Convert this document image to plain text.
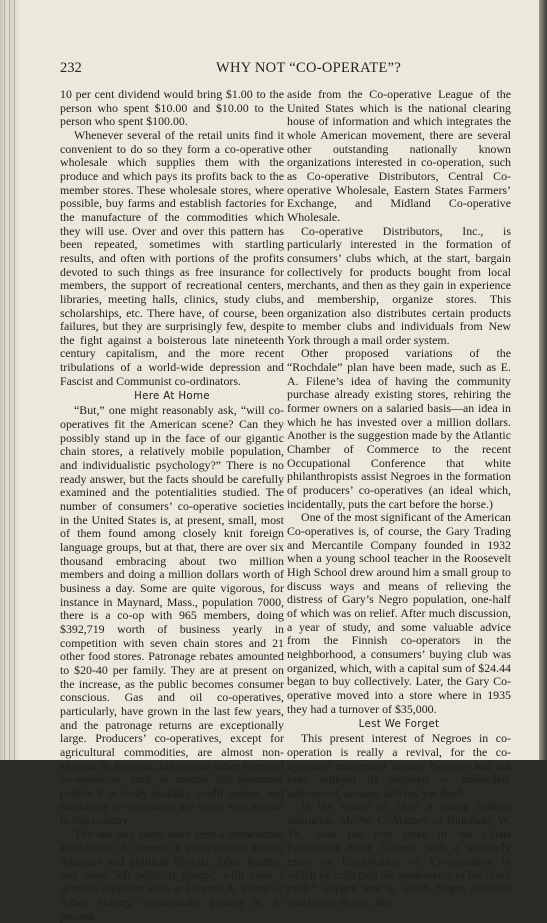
232	WHY NOT “CO-OPERATE”?

10 per cent dividend would bring $1.00 to the person who spent $10.00 and $10.00 to the person who spent $100.00.

Whenever several of the retail units find it convenient to do so they form a co-operative wholesale which supplies them with the produce and which pays its profits back to the member stores. These wholesale stores, where possible, buy farms and establish factories for the manufacture of the commodities which they will use. Over and over this pattern has been repeated, sometimes with startling results, and often with portions of the profits devoted to such things as free insurance for members, the support of recreational centers, libraries, meeting halls, clinics, study clubs, scholarships, etc. There have, of course, been failures, but they are surprisingly few, despite the fight against a boisterous late nineteenth century capitalism, and the more recent tribulations of a world-wide depression and Fascist and Communist co-ordinators.

Here At Home

“But,” one might reasonably ask, “will co-operatives fit the American scene? Can they possibly stand up in the face of our gigantic chain stores, a relatively mobile population, and individualistic psychology?” There is no ready answer, but the facts should be carefully examined and the potentialities studied. The number of consumers’ co-operative societies in the United States is, at present, small, most of them found among closely knit foreign language groups, but at that, there are over six thousand embracing about two million members and doing a million dollars worth of business a day. Some are quite vigorous, for instance in Maynard, Mass., population 7000, there is a co-op with 965 members, doing $392,719 worth of business yearly in competition with seven chain stores and 21 other food stores. Patronage rebates amounted to $20-40 per family. They are at present on the increase, as the public becomes consumer conscious. Gas and oil co-operatives, particularly, have grown in the last few years, and the patronage returns are exceptionally large. Producers’ co-operatives, except for agricultural commodities, are almost non-existent in America, but certain other forms of co-operation, such as mutual life insurance (where it is really mutual), credit unions, and marketing co-operatives are fairly well known in this country.

The last two years have seen a tremendous awakening of interest in co-operation among religious and political liberals, labor leaders, and some left political groups, with even a genuine capitalist such as Edward A. Filene or Albon Holsey, occasionally joining in. At present,

aside from the Co-operative League of the United States which is the national clearing house of information and which integrates the whole American movement, there are several other outstanding nationally known organizations interested in co-operation, such as Co-operative Distributors, Central Co-operative Wholesale, Eastern States Farmers’ Exchange, and Midland Co-operative Wholesale.

Co-operative Distributors, Inc., is particularly interested in the formation of consumers’ clubs which, at the start, bargain collectively for products bought from local merchants, and then as they gain in experience and membership, organize stores. This organization also distributes certain products to member clubs and individuals from New York through a mail order system.

Other proposed variations of the “Rochdale” plan have been made, such as E. A. Filene’s idea of having the community purchase already existing stores, rehiring the former owners on a salaried basis—an idea in which he has invested over a million dollars. Another is the suggestion made by the Atlantic Chamber of Commerce to the recent Occupational Conference that white philanthropists assist Negroes in the formation of producers’ co-operatives (an ideal which, incidentally, puts the cart before the horse.)

One of the most significant of the American Co-operatives is, of course, the Gary Trading and Mercantile Company founded in 1932 when a young school teacher in the Roosevelt High School drew around him a small group to discuss ways and means of relieving the distress of Gary’s Negro population, one-half of which was on relief. After much discussion, a year of study, and some valuable advice from the Finnish co-operators in the neighborhood, a consumers’ buying club was organized, which, with a capital sum of $24.44 began to buy collectively. Later, the Gary Co-operative moved into a store where in 1935 they had a turnover of $35,000.

Lest We Forget

This present interest of Negroes in co-operation is really a revival, for the co-operative movement among Negroes has not been without its prophets — unheeded, unhonored, unsung, and not yet dead.

In the winter of 1930 a young college instructor, Mr. W. C. Matney of Bluefield, W. Va., won the first prize in the Crisis Economics Prize Contest with a scholarly essay on Exploitation vs. Co-operation in which he criticized the inadequacy of the “race pride” oxygen tent in which Negro business was trying to live, dis-
